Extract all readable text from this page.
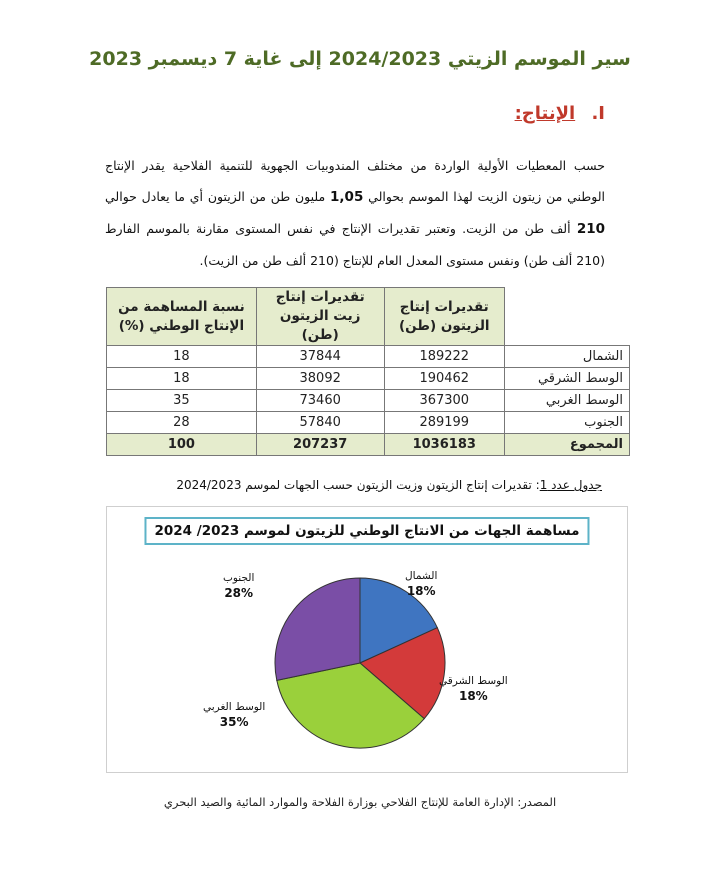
سير الموسم الزيتي 2024/2023 إلى غاية 7 ديسمبر 2023
I. الإنتاج:
حسب المعطيات الأولية الواردة من مختلف المندوبيات الجهوية للتنمية الفلاحية يقدر الإنتاج الوطني من زيتون الزيت لهذا الموسم بحوالي 1,05 مليون طن من الزيتون أي ما يعادل حوالي 210 ألف طن من الزيت. وتعتبر تقديرات الإنتاج في نفس المستوى مقارنة بالموسم الفارط (210 ألف طن) ونفس مستوى المعدل العام للإنتاج (210 ألف طن من الزيت).
	تقديرات إنتاج الزيتون (طن)	تقديرات إنتاج زيت الزيتون (طن)	نسبة المساهمة من الإنتاج الوطني (%)
الشمال	189222	37844	18
الوسط الشرقي	190462	38092	18
الوسط الغربي	367300	73460	35
الجنوب	289199	57840	28
المجموع	1036183	207237	100
جدول عدد 1: تقديرات إنتاج الزيتون وزيت الزيتون حسب الجهات لموسم 2024/2023
مساهمة الجهات من الانتاج الوطني للزيتون لموسم 2023/ 2024
الشمال
18%
الوسط الشرقي
18%
الوسط الغربي
35%
الجنوب
28%
المصدر: الإدارة العامة للإنتاج الفلاحي بوزارة الفلاحة والموارد المائية والصيد البحري
